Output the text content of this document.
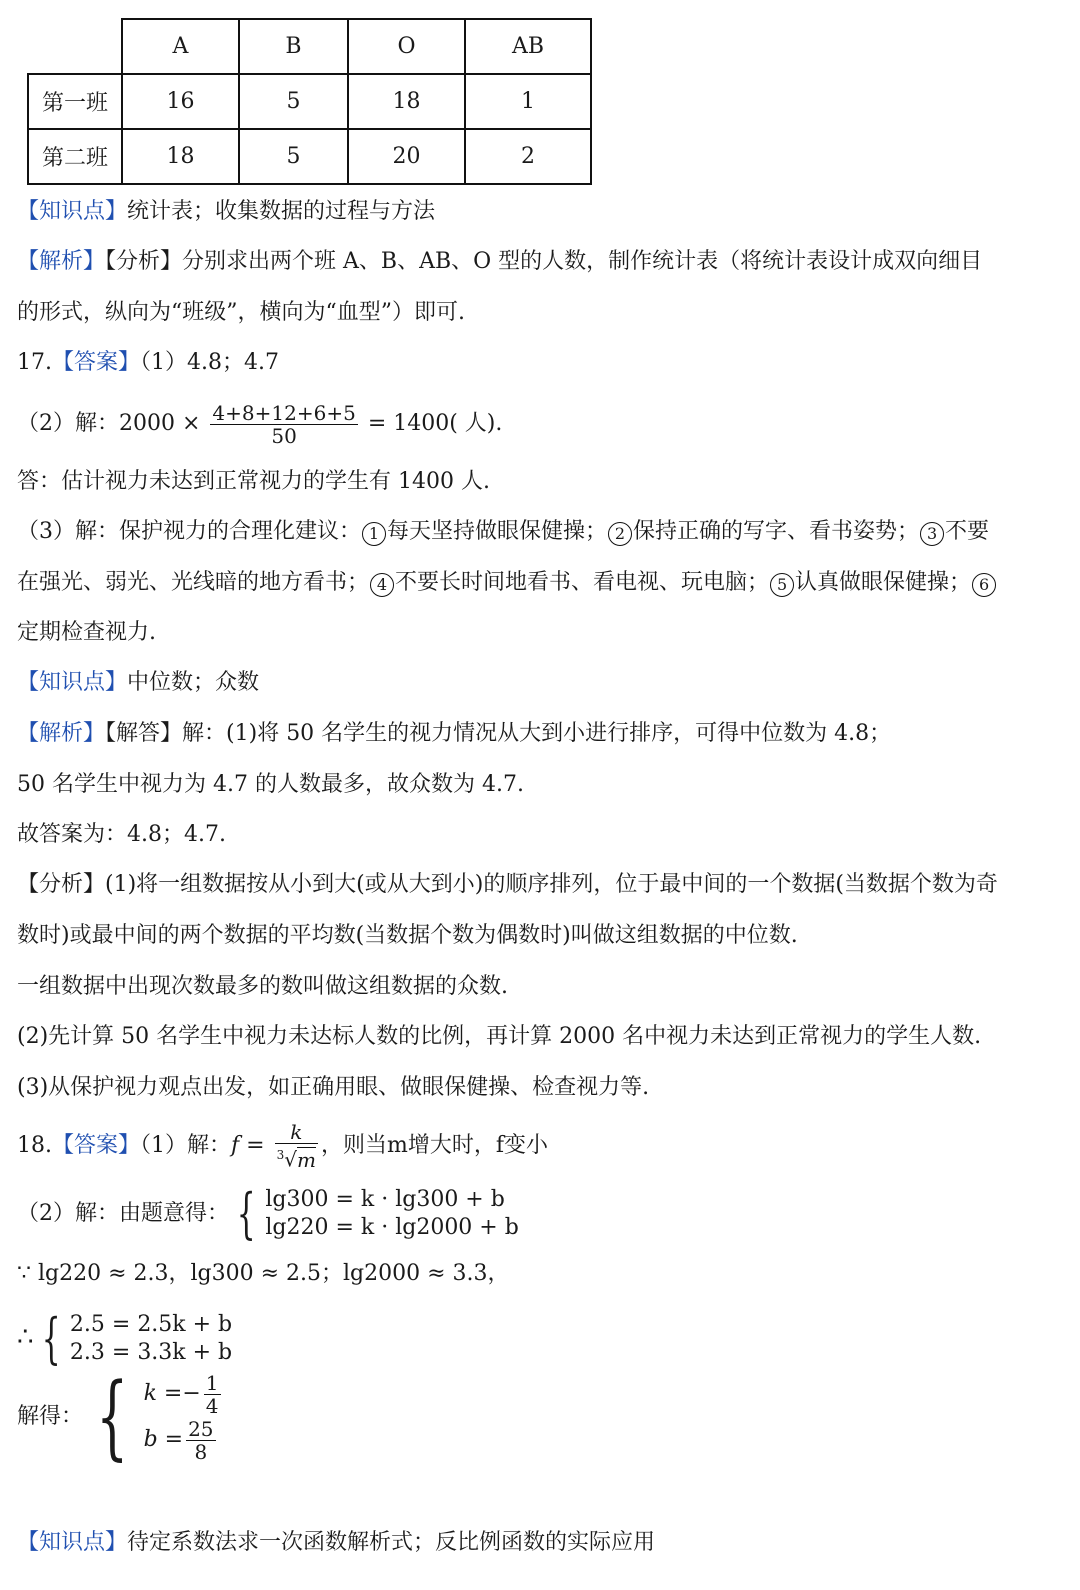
	A	B	O	AB
第一班	16	5	18	1
第二班	18	5	20	2
【知识点】统计表；收集数据的过程与方法
【解析】【分析】分别求出两个班 A、B、AB、O 型的人数，制作统计表（将统计表设计成双向细目
的形式，纵向为“班级”，横向为“血型”）即可.
17.【答案】（1）4.8；4.7
（2）解：$2000 \times \frac{4+8+12+6+5}{50} = 1400$( 人).
答：估计视力未达到正常视力的学生有 1400 人.
（3）解：保护视力的合理化建议： 1 每天坚持做眼保健操； 2 保持正确的写字、看书姿势； 3 不要
在强光、弱光、光线暗的地方看书； 4 不要长时间地看书、看电视、玩电脑； 5 认真做眼保健操； 6
定期检查视力.
【知识点】中位数；众数
【解析】【解答】解：(1)将 50 名学生的视力情况从大到小进行排序，可得中位数为 4.8；
50 名学生中视力为 4.7 的人数最多，故众数为 4.7.
故答案为：4.8；4.7.
【分析】(1)将一组数据按从小到大(或从大到小)的顺序排列，位于最中间的一个数据(当数据个数为奇
数时)或最中间的两个数据的平均数(当数据个数为偶数时)叫做这组数据的中位数.
一组数据中出现次数最多的数叫做这组数据的众数.
(2)先计算 50 名学生中视力未达标人数的比例，再计算 2000 名中视力未达到正常视力的学生人数.
(3)从保护视力观点出发，如正确用眼、做眼保健操、检查视力等.
18.【答案】（1）解：$f = \frac{k}{^3√m}$ ，则当m增大时，f变小
（2）解：由题意得： { lg300 = k · lg300 + b
lg220 = k · lg2000 + b
∵ lg220 ≈ 2.3，lg300 ≈ 2.5；lg2000 ≈ 3.3，
∴ { 2.5 = 2.5k + b
2.3 = 3.3k + b
解得： { $k =- \frac{1}{4}$
$b = \frac{25}{8}$
【知识点】待定系数法求一次函数解析式；反比例函数的实际应用
